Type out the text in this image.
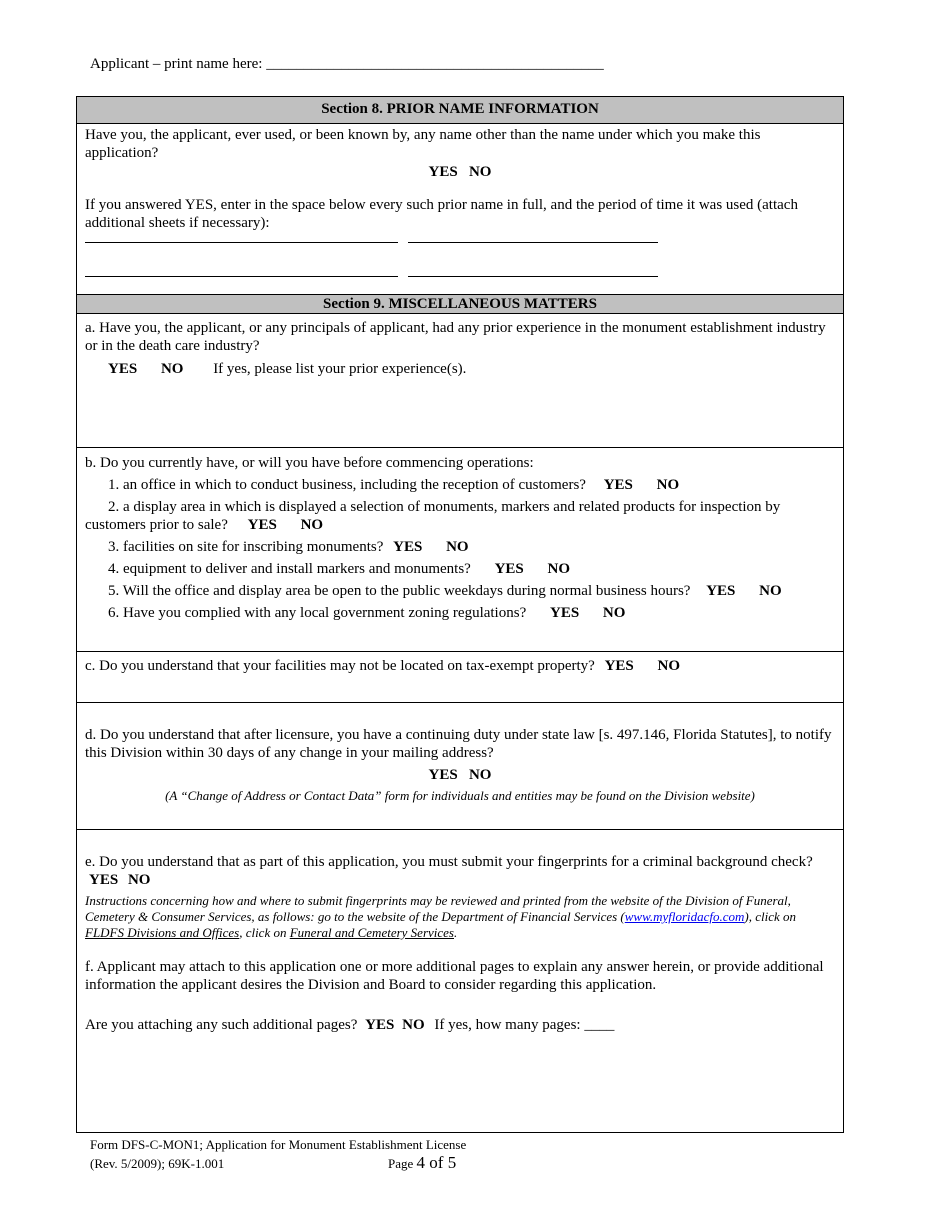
Applicant – print name here: _____________________________________________
Section 8. PRIOR NAME INFORMATION
Have you, the applicant, ever used, or been known by, any name other than the name under which you make this application?
YES NO
If you answered YES, enter in the space below every such prior name in full, and the period of time it was used (attach additional sheets if necessary):
Section 9. MISCELLANEOUS MATTERS
a. Have you, the applicant, or any principals of applicant, had any prior experience in the monument establishment industry or in the death care industry?
YES NO If yes, please list your prior experience(s).
b. Do you currently have, or will you have before commencing operations:
1. an office in which to conduct business, including the reception of customers? YES NO
2. a display area in which is displayed a selection of monuments, markers and related products for inspection by customers prior to sale? YES NO
3. facilities on site for inscribing monuments? YES NO
4. equipment to deliver and install markers and monuments? YES NO
5. Will the office and display area be open to the public weekdays during normal business hours? YES NO
6. Have you complied with any local government zoning regulations? YES NO
c. Do you understand that your facilities may not be located on tax-exempt property? YES NO
d. Do you understand that after licensure, you have a continuing duty under state law [s. 497.146, Florida Statutes], to notify this Division within 30 days of any change in your mailing address?
YES NO
(A “Change of Address or Contact Data” form for individuals and entities may be found on the Division website)
e. Do you understand that as part of this application, you must submit your fingerprints for a criminal background check? YES NO
Instructions concerning how and where to submit fingerprints may be reviewed and printed from the website of the Division of Funeral, Cemetery & Consumer Services, as follows: go to the website of the Department of Financial Services (www.myfloridacfo.com), click on FLDFS Divisions and Offices, click on Funeral and Cemetery Services.
f. Applicant may attach to this application one or more additional pages to explain any answer herein, or provide additional information the applicant desires the Division and Board to consider regarding this application.
Are you attaching any such additional pages? YES NO If yes, how many pages: ____
Form DFS-C-MON1; Application for Monument Establishment License
(Rev. 5/2009); 69K-1.001	Page 4 of 5
